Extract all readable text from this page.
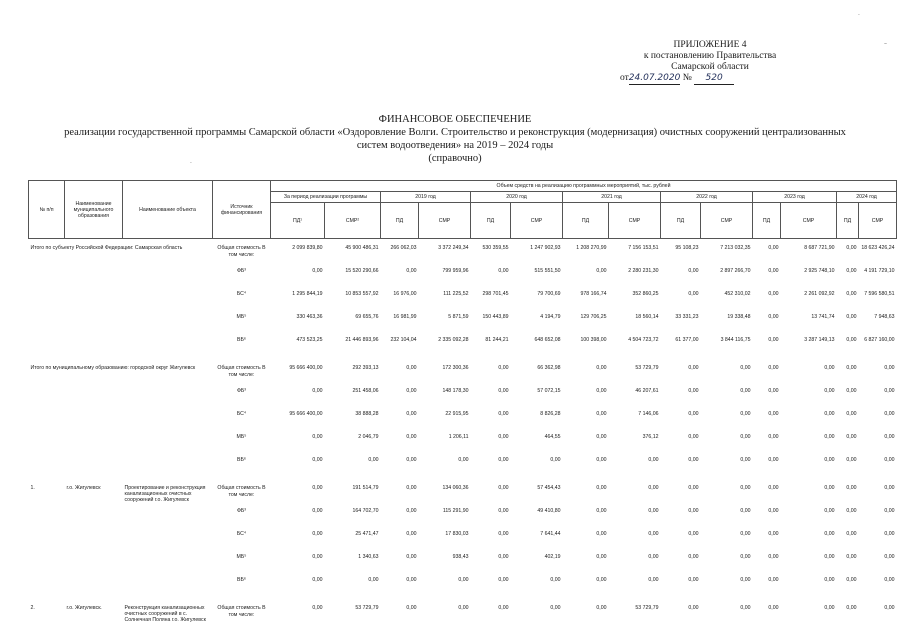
·
–
·
·
ПРИЛОЖЕНИЕ 4
к постановлению Правительства
Самарской области
от24.07.2020 № 520
ФИНАНСОВОЕ ОБЕСПЕЧЕНИЕ
реализации государственной программы Самарской области «Оздоровление Волги. Строительство и реконструкция (модернизация) очистных сооружений централизованных
систем водоотведения» на 2019 – 2024 годы
(справочно)
№ п/п	Наименование муниципального образования	Наименование объекта	Источник финансирования	Объем средств на реализацию программных мероприятий, тыс. рублей													
				За период реализации программы		2019 год		2020 год		2021 год		2022 год		2023 год		2024 год	
				ПД¹	СМР²	ПД	СМР	ПД	СМР	ПД	СМР	ПД	СМР	ПД	СМР	ПД	СМР

Итого по субъекту Российской Федерации: Самарская область			Общая стоимость В том числе:	2 099 839,80	45 900 486,31	266 062,03	3 372 249,34	530 359,55	1 247 902,93	1 208 270,99	7 156 153,51	95 108,23	7 213 032,35	0,00	8 687 721,90	0,00	18 623 426,24
			ФБ³	0,00	15 520 290,66	0,00	799 959,96	0,00	515 551,50	0,00	2 280 231,30	0,00	2 897 266,70	0,00	2 925 748,10	0,00	4 191 729,10
			БС⁴	1 295 844,19	10 853 557,92	16 976,00	111 225,52	298 701,45	79 700,69	978 166,74	352 860,25	0,00	452 310,02	0,00	2 261 092,92	0,00	7 596 580,51
			МБ⁵	330 463,36	69 655,76	16 981,99	5 871,59	150 443,89	4 194,79	129 706,25	18 560,14	33 331,23	19 338,48	0,00	13 741,74	0,00	7 948,63
			ВБ⁶	473 523,25	21 446 893,96	232 104,04	2 335 092,28	81 244,21	648 652,08	100 398,00	4 504 723,72	61 377,00	3 844 116,75	0,00	3 287 149,13	0,00	6 827 160,00

Итого по муниципальному образованию: городской округ Жигулевск			Общая стоимость В том числе:	95 666 400,00	292 393,13	0,00	172 300,36	0,00	66 362,98	0,00	53 729,79	0,00	0,00	0,00	0,00	0,00	0,00
			ФБ³	0,00	251 458,06	0,00	148 178,30	0,00	57 072,15	0,00	46 207,61	0,00	0,00	0,00	0,00	0,00	0,00
			БС⁴	95 666 400,00	38 888,28	0,00	22 915,95	0,00	8 826,28	0,00	7 146,06	0,00	0,00	0,00	0,00	0,00	0,00
			МБ⁵	0,00	2 046,79	0,00	1 206,11	0,00	464,55	0,00	376,12	0,00	0,00	0,00	0,00	0,00	0,00
			ВБ⁶	0,00	0,00	0,00	0,00	0,00	0,00	0,00	0,00	0,00	0,00	0,00	0,00	0,00	0,00

1.	г.о. Жигулевск	Проектирование и реконструкция канализационных очистных сооружений г.о. Жигулевск	Общая стоимость В том числе:	0,00	191 514,79	0,00	134 060,36	0,00	57 454,43	0,00	0,00	0,00	0,00	0,00	0,00	0,00	0,00
			ФБ³	0,00	164 702,70	0,00	115 291,90	0,00	49 410,80	0,00	0,00	0,00	0,00	0,00	0,00	0,00	0,00
			БС⁴	0,00	25 471,47	0,00	17 830,03	0,00	7 641,44	0,00	0,00	0,00	0,00	0,00	0,00	0,00	0,00
			МБ⁵	0,00	1 340,63	0,00	938,43	0,00	402,19	0,00	0,00	0,00	0,00	0,00	0,00	0,00	0,00
			ВБ⁶	0,00	0,00	0,00	0,00	0,00	0,00	0,00	0,00	0,00	0,00	0,00	0,00	0,00	0,00

2.	г.о. Жигулевск	Реконструкция канализационных очистных сооружений в с. Солнечная Поляна г.о. Жигулевск	Общая стоимость В том числе:	0,00	53 729,79	0,00	0,00	0,00	0,00	0,00	53 729,79	0,00	0,00	0,00	0,00	0,00	0,00
